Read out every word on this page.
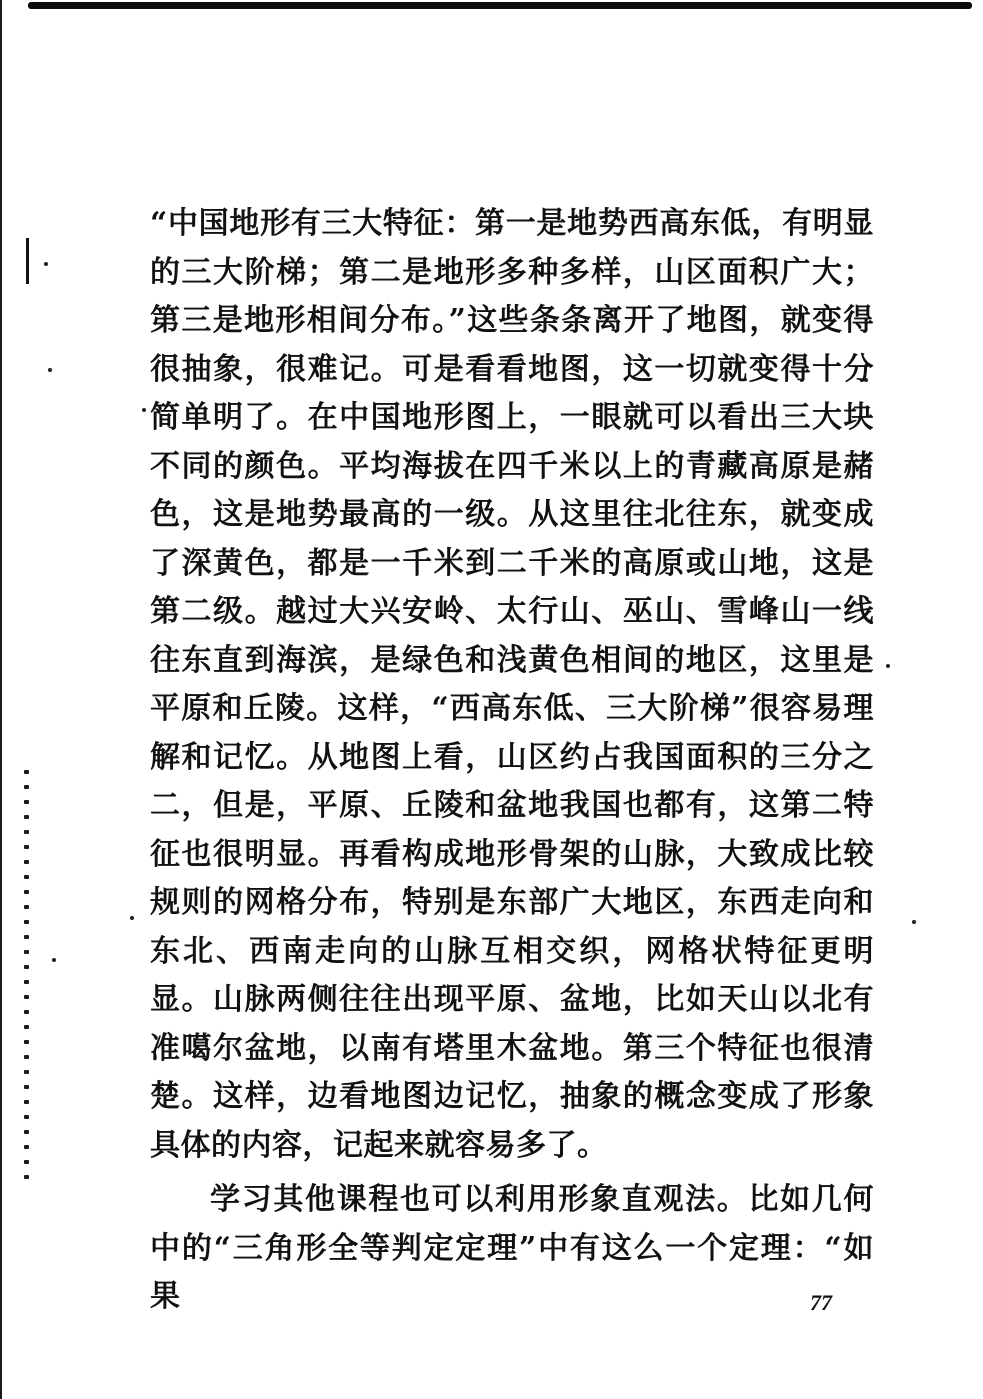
“中国地形有三大特征：第一是地势西高东低，有明显的三大阶梯；第二是地形多种多样，山区面积广大；第三是地形相间分布。”这些条条离开了地图，就变得很抽象，很难记。可是看看地图，这一切就变得十分简单明了。在中国地形图上，一眼就可以看出三大块不同的颜色。平均海拔在四千米以上的青藏高原是赭色，这是地势最高的一级。从这里往北往东，就变成了深黄色，都是一千米到二千米的高原或山地，这是第二级。越过大兴安岭、太行山、巫山、雪峰山一线往东直到海滨，是绿色和浅黄色相间的地区，这里是平原和丘陵。这样，“西高东低、三大阶梯”很容易理解和记忆。从地图上看，山区约占我国面积的三分之二，但是，平原、丘陵和盆地我国也都有，这第二特征也很明显。再看构成地形骨架的山脉，大致成比较规则的网格分布，特别是东部广大地区，东西走向和东北、西南走向的山脉互相交织，网格状特征更明显。山脉两侧往往出现平原、盆地，比如天山以北有准噶尔盆地，以南有塔里木盆地。第三个特征也很清楚。这样，边看地图边记忆，抽象的概念变成了形象具体的内容，记起来就容易多了。

学习其他课程也可以利用形象直观法。比如几何中的“三角形全等判定定理”中有这么一个定理：“如果	77
